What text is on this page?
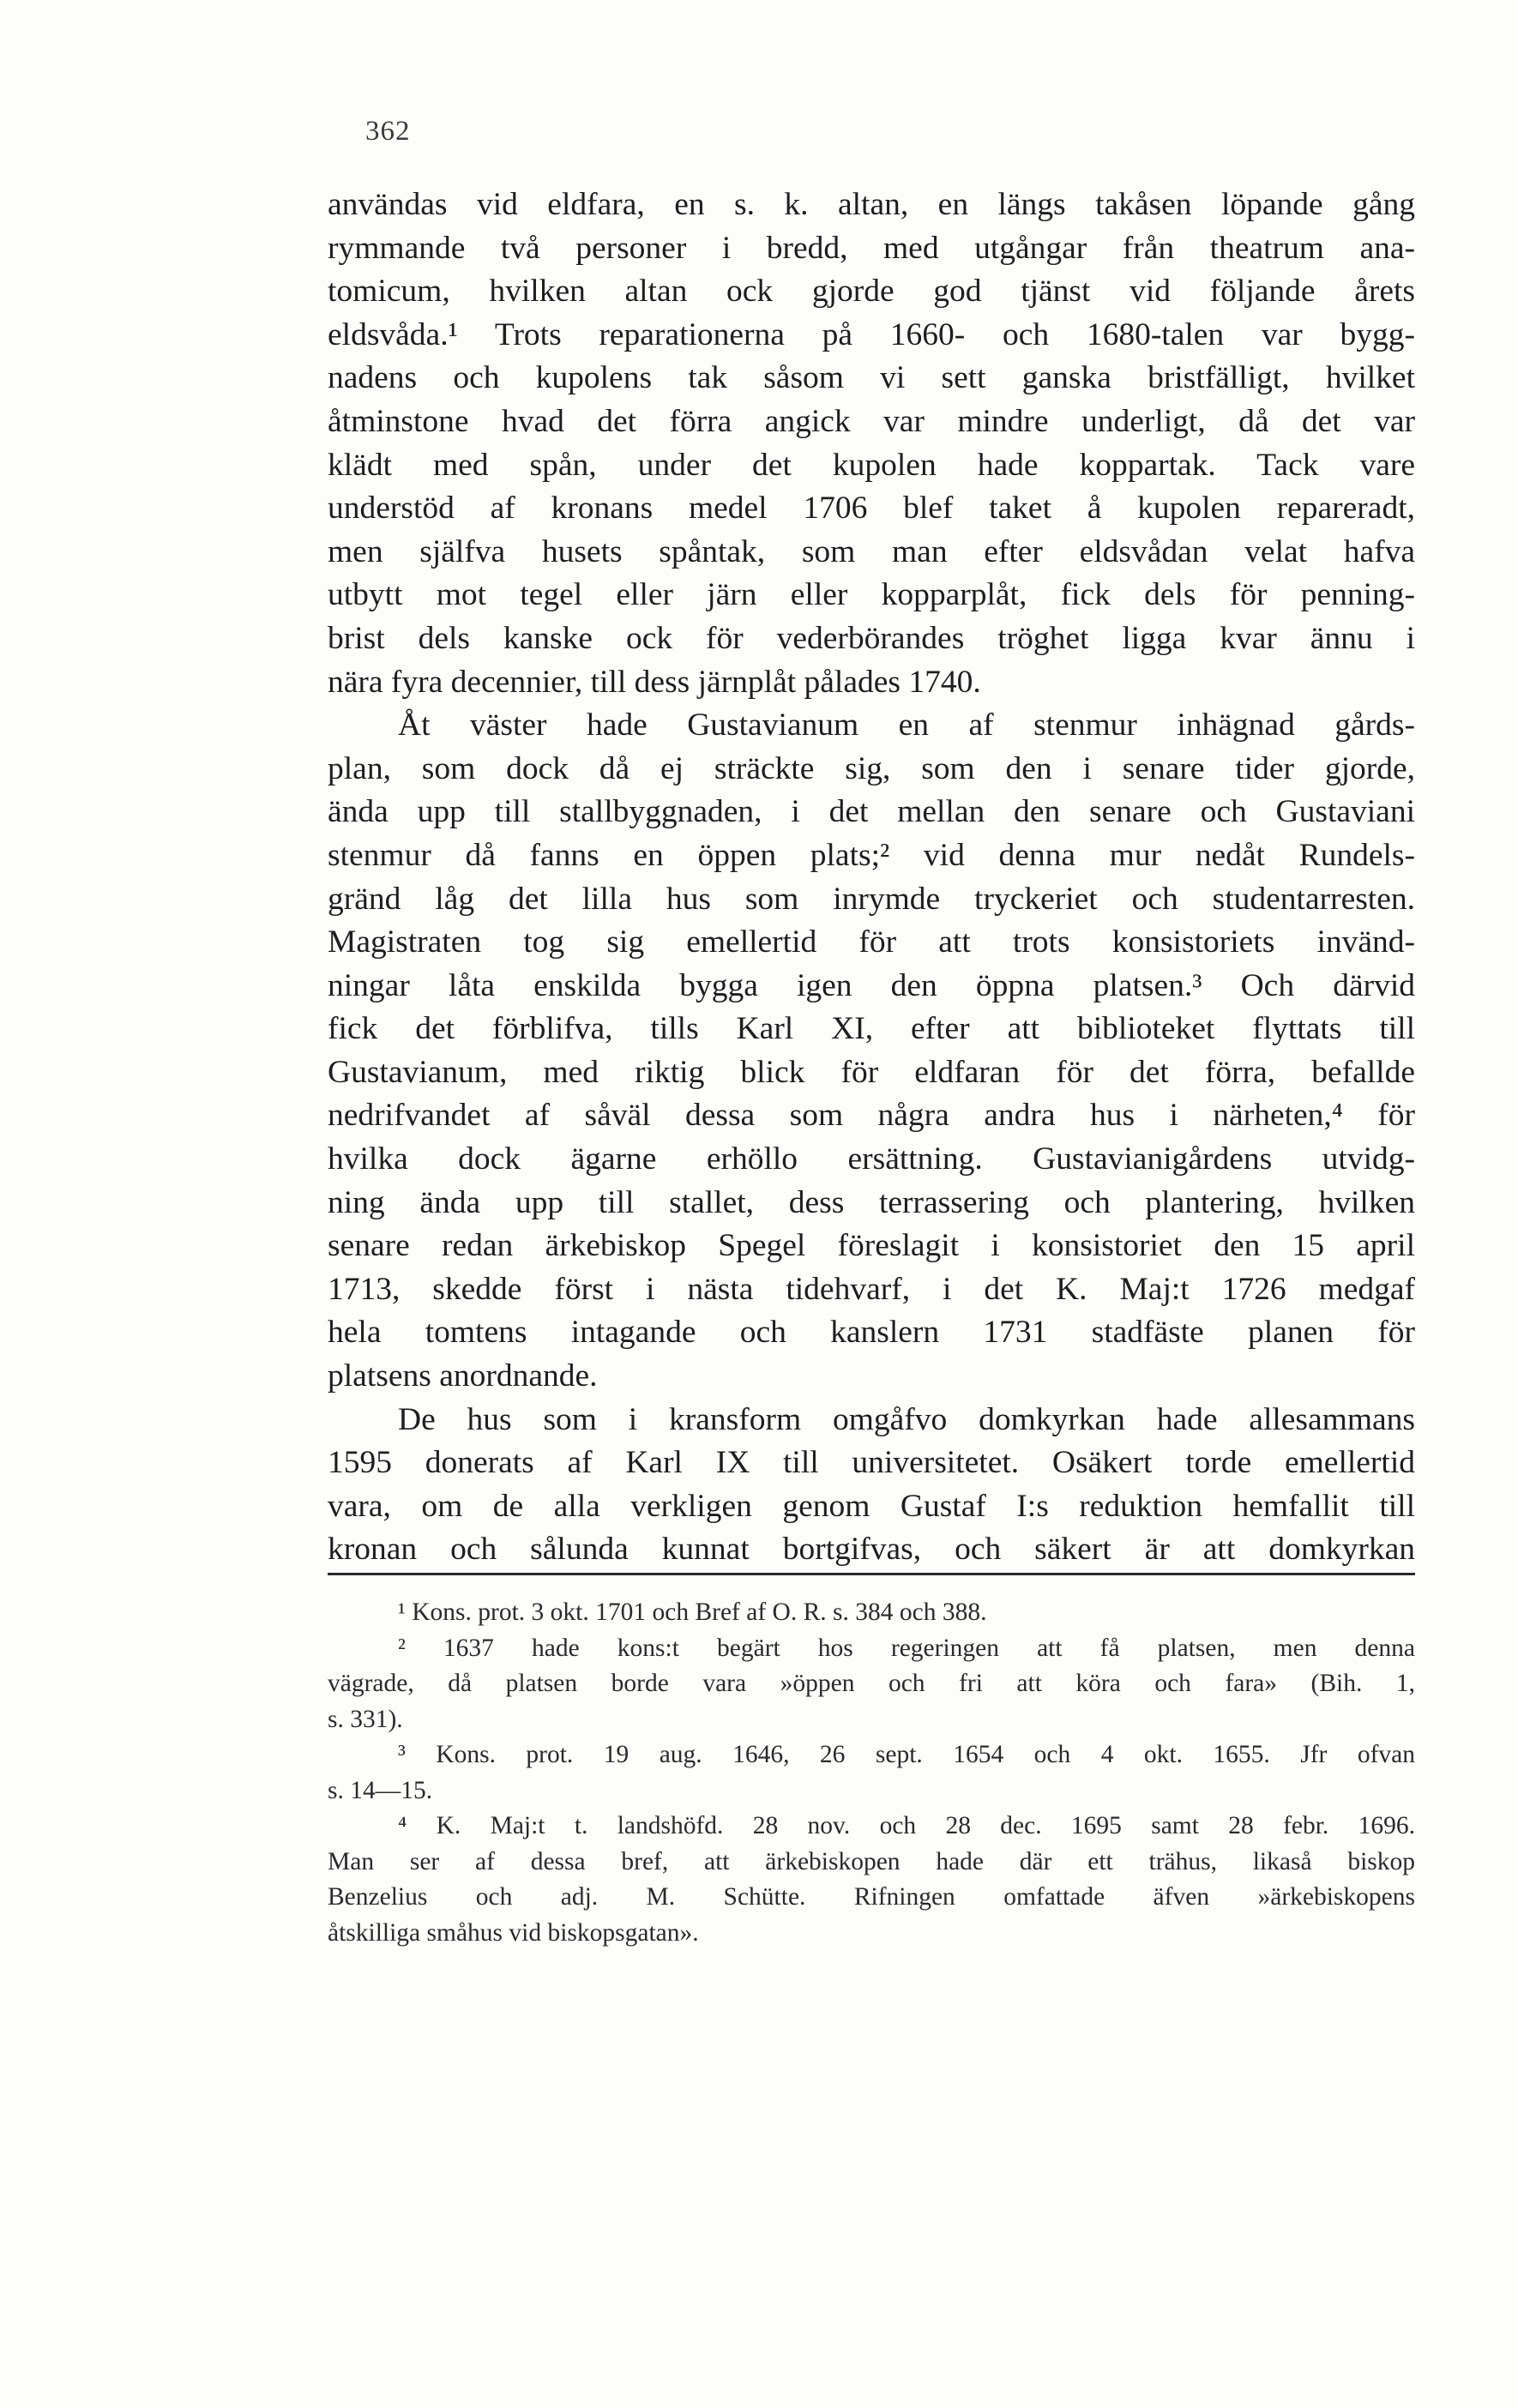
362
användas vid eldfara, en s. k. altan, en längs takåsen löpande gång
rymmande två personer i bredd, med utgångar från theatrum ana-
tomicum, hvilken altan ock gjorde god tjänst vid följande årets
eldsvåda.¹ Trots reparationerna på 1660- och 1680-talen var bygg-
nadens och kupolens tak såsom vi sett ganska bristfälligt, hvilket
åtminstone hvad det förra angick var mindre underligt, då det var
klädt med spån, under det kupolen hade koppartak. Tack vare
understöd af kronans medel 1706 blef taket å kupolen repareradt,
men själfva husets spåntak, som man efter eldsvådan velat hafva
utbytt mot tegel eller järn eller kopparplåt, fick dels för penning-
brist dels kanske ock för vederbörandes tröghet ligga kvar ännu i
nära fyra decennier, till dess järnplåt pålades 1740.
Åt väster hade Gustavianum en af stenmur inhägnad gårds-
plan, som dock då ej sträckte sig, som den i senare tider gjorde,
ända upp till stallbyggnaden, i det mellan den senare och Gustaviani
stenmur då fanns en öppen plats;² vid denna mur nedåt Rundels-
gränd låg det lilla hus som inrymde tryckeriet och studentarresten.
Magistraten tog sig emellertid för att trots konsistoriets invänd-
ningar låta enskilda bygga igen den öppna platsen.³ Och därvid
fick det förblifva, tills Karl XI, efter att biblioteket flyttats till
Gustavianum, med riktig blick för eldfaran för det förra, befallde
nedrifvandet af såväl dessa som några andra hus i närheten,⁴ för
hvilka dock ägarne erhöllo ersättning. Gustavianigårdens utvidg-
ning ända upp till stallet, dess terrassering och plantering, hvilken
senare redan ärkebiskop Spegel föreslagit i konsistoriet den 15 april
1713, skedde först i nästa tidehvarf, i det K. Maj:t 1726 medgaf
hela tomtens intagande och kanslern 1731 stadfäste planen för
platsens anordnande.
De hus som i kransform omgåfvo domkyrkan hade allesammans
1595 donerats af Karl IX till universitetet. Osäkert torde emellertid
vara, om de alla verkligen genom Gustaf I:s reduktion hemfallit till
kronan och sålunda kunnat bortgifvas, och säkert är att domkyrkan
¹ Kons. prot. 3 okt. 1701 och Bref af O. R. s. 384 och 388.
² 1637 hade kons:t begärt hos regeringen att få platsen, men denna
vägrade, då platsen borde vara »öppen och fri att köra och fara» (Bih. 1,
s. 331).
³ Kons. prot. 19 aug. 1646, 26 sept. 1654 och 4 okt. 1655. Jfr ofvan
s. 14—15.
⁴ K. Maj:t t. landshöfd. 28 nov. och 28 dec. 1695 samt 28 febr. 1696.
Man ser af dessa bref, att ärkebiskopen hade där ett trähus, likaså biskop
Benzelius och adj. M. Schütte. Rifningen omfattade äfven »ärkebiskopens
åtskilliga småhus vid biskopsgatan».
